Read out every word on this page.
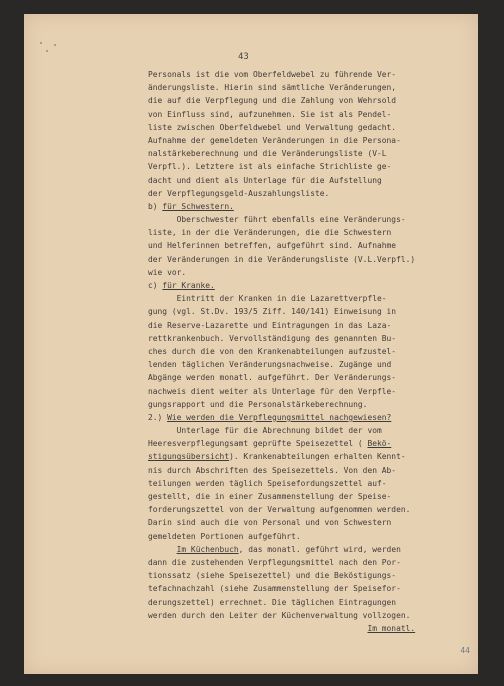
43
Personals ist die vom Oberfeldwebel zu führende Ver-
änderungsliste. Hierin sind sämtliche Veränderungen,
die auf die Verpflegung und die Zahlung von Wehrsold
von Einfluss sind, aufzunehmen. Sie ist als Pendel-
liste zwischen Oberfeldwebel und Verwaltung gedacht.
Aufnahme der gemeldeten Veränderungen in die Persona-
nalstärkeberechnung und die Veränderungsliste (V-L
Verpfl.). Letztere ist als einfache Strichliste ge-
dacht und dient als Unterlage für die Aufstellung
der Verpflegungsgeld-Auszahlungsliste.
b) für Schwestern.
Oberschwester führt ebenfalls eine Veränderungs-
liste, in der die Veränderungen, die die Schwestern
und Helferinnen betreffen, aufgeführt sind. Aufnahme
der Veränderungen in die Veränderungsliste (V.L.Verpfl.)
wie vor.
c) für Kranke.
Eintritt der Kranken in die Lazarettverpfle-
gung (vgl. St.Dv. 193/5 Ziff. 140/141) Einweisung in
die Reserve-Lazarette und Eintragungen in das Laza-
rettkrankenbuch. Vervollständigung des genannten Bu-
ches durch die von den Krankenabteilungen aufzustel-
lenden täglichen Veränderungsnachweise. Zugänge und
Abgänge werden monatl. aufgeführt. Der Veränderungs-
nachweis dient weiter als Unterlage für den Verpfle-
gungsrapport und die Personalstärkeberechnung.
2.) Wie werden die Verpflegungsmittel nachgewiesen?
Unterlage für die Abrechnung bildet der vom
Heeresverpflegungsamt geprüfte Speisezettel ( Bekö-
stigungsübersicht). Krankenabteilungen erhalten Kennt-
nis durch Abschriften des Speisezettels. Von den Ab-
teilungen werden täglich Speisefordungszettel auf-
gestellt, die in einer Zusammenstellung der Speise-
forderungszettel von der Verwaltung aufgenommen werden.
Darin sind auch die von Personal und von Schwestern
gemeldeten Portionen aufgeführt.
Im Küchenbuch, das monatl. geführt wird, werden
dann die zustehenden Verpflegungsmittel nach den Por-
tionssatz (siehe Speisezettel) und die Beköstigungs-
tefachnachzahl (siehe Zusammenstellung der Speisefor-
derungszettel) errechnet. Die täglichen Eintragungen
werden durch den Leiter der Küchenverwaltung vollzogen.
Im monatl.
44
